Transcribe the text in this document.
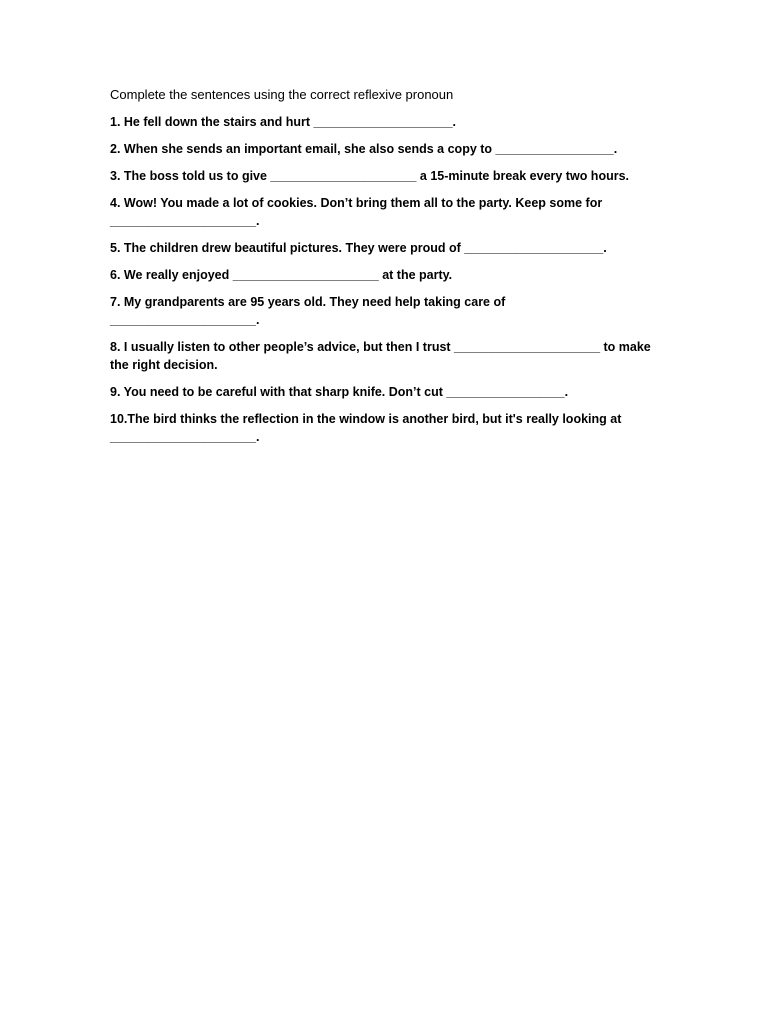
Complete the sentences using the correct reflexive pronoun

1. He fell down the stairs and hurt ____________________.
2. When she sends an important email, she also sends a copy to _________________.
3. The boss told us to give _____________________ a 15-minute break every two hours.
4. Wow! You made a lot of cookies. Don’t bring them all to the party. Keep some for _____________________.
5. The children drew beautiful pictures. They were proud of ____________________.
6. We really enjoyed _____________________ at the party.
7. My grandparents are 95 years old. They need help taking care of _____________________.
8. I usually listen to other people’s advice, but then I trust _____________________ to make the right decision.
9. You need to be careful with that sharp knife. Don’t cut _________________.
10.The bird thinks the reflection in the window is another bird, but it's really looking at _____________________.
